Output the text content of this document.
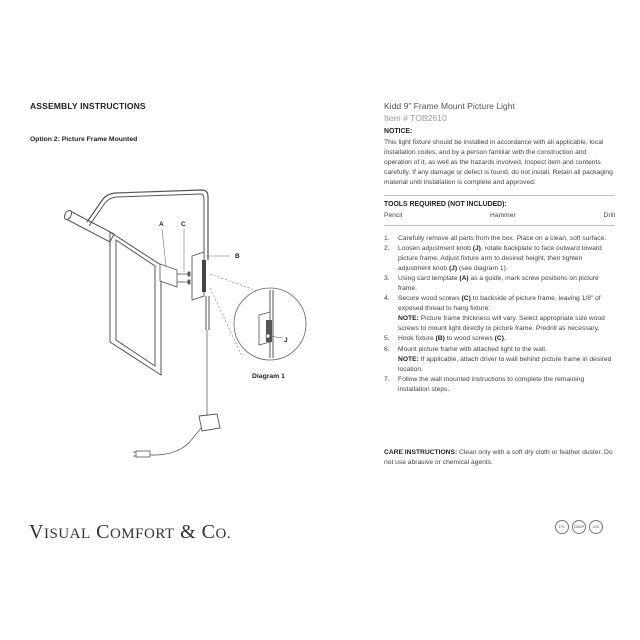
ASSEMBLY INSTRUCTIONS
Option 2: Picture Frame Mounted
A	C
B
J
Diagram 1
VISUAL COMFORT & CO.
Kidd 9” Frame Mount Picture Light
Item # TOB2610
NOTICE:
This light fixture should be installed in accordance with all applicable, local installation codes, and by a person familiar with the construction and operation of it, as well as the hazards involved. Inspect item and contents carefully. If any damage or defect is found, do not install. Retain all packaging material until installation is complete and approved.
TOOLS REQUIRED (NOT INCLUDED):
Pencil	Hammer	Drill
1. Carefully remove all parts from the box. Place on a clean, soft surface.
2. Loosen adjustment knob (J), rotate backplate to face outward toward picture frame. Adjust fixture arm to desired height, then tighten adjustment knob (J) (see diagram 1).
3. Using card template (A) as a guide, mark screw positions on picture frame.
4. Secure wood screws (C) to backside of picture frame, leaving 1/8” of exposed thread to hang fixture.
NOTE: Picture frame thickness will vary. Select appropriate size wood screws to mount light directly to picture frame. Predrill as necessary.
5. Hook fixture (B) to wood screws (C).
6. Mount picture frame with attached light to the wall.
NOTE: If applicable, attach driver to wall behind picture frame in desired location.
7. Follow the wall mounted instructions to complete the remaining installation steps.
CARE INSTRUCTIONS: Clean only with a soft dry cloth or feather duster. Do not use abrasive or chemical agents.
ETL	DAMP	LED
